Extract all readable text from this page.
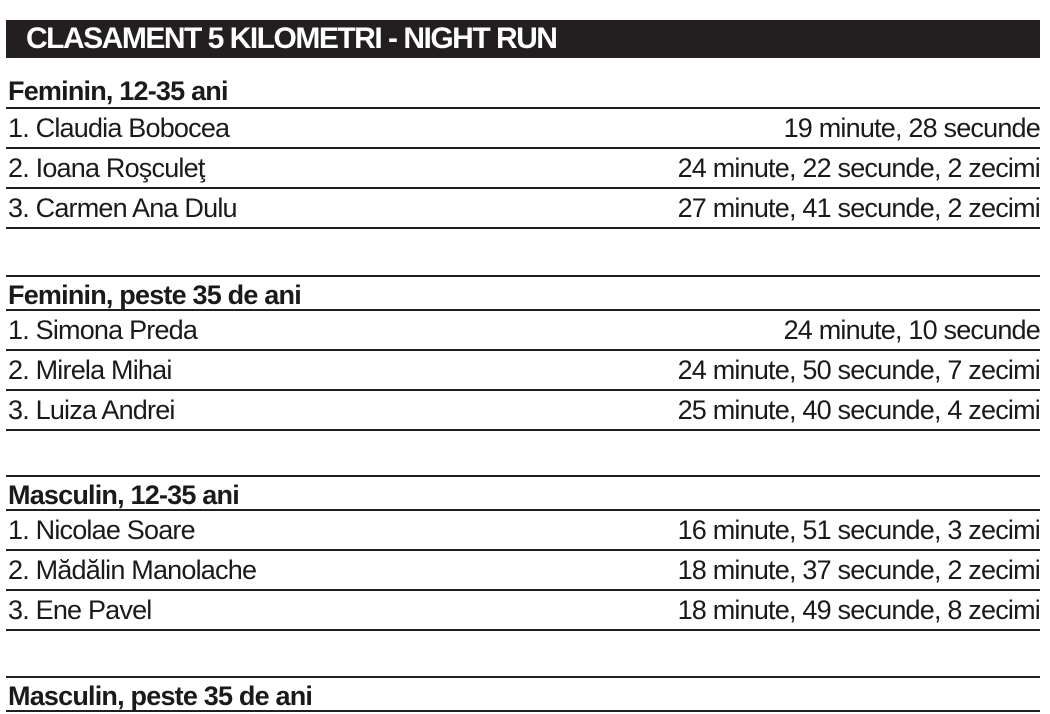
CLASAMENT 5 KILOMETRI - NIGHT RUN
Feminin, 12-35 ani
1. Claudia Bobocea	19 minute, 28 secunde
2. Ioana Roşculeţ	24 minute, 22 secunde, 2 zecimi
3. Carmen Ana Dulu	27 minute, 41 secunde, 2 zecimi
Feminin, peste 35 de ani
1. Simona Preda	24 minute, 10 secunde
2. Mirela Mihai	24 minute, 50 secunde, 7 zecimi
3. Luiza Andrei	25 minute, 40 secunde, 4 zecimi
Masculin, 12-35 ani
1. Nicolae Soare	16 minute, 51 secunde, 3 zecimi
2. Mădălin Manolache	18 minute, 37 secunde, 2 zecimi
3. Ene Pavel	18 minute, 49 secunde, 8 zecimi
Masculin, peste 35 de ani
